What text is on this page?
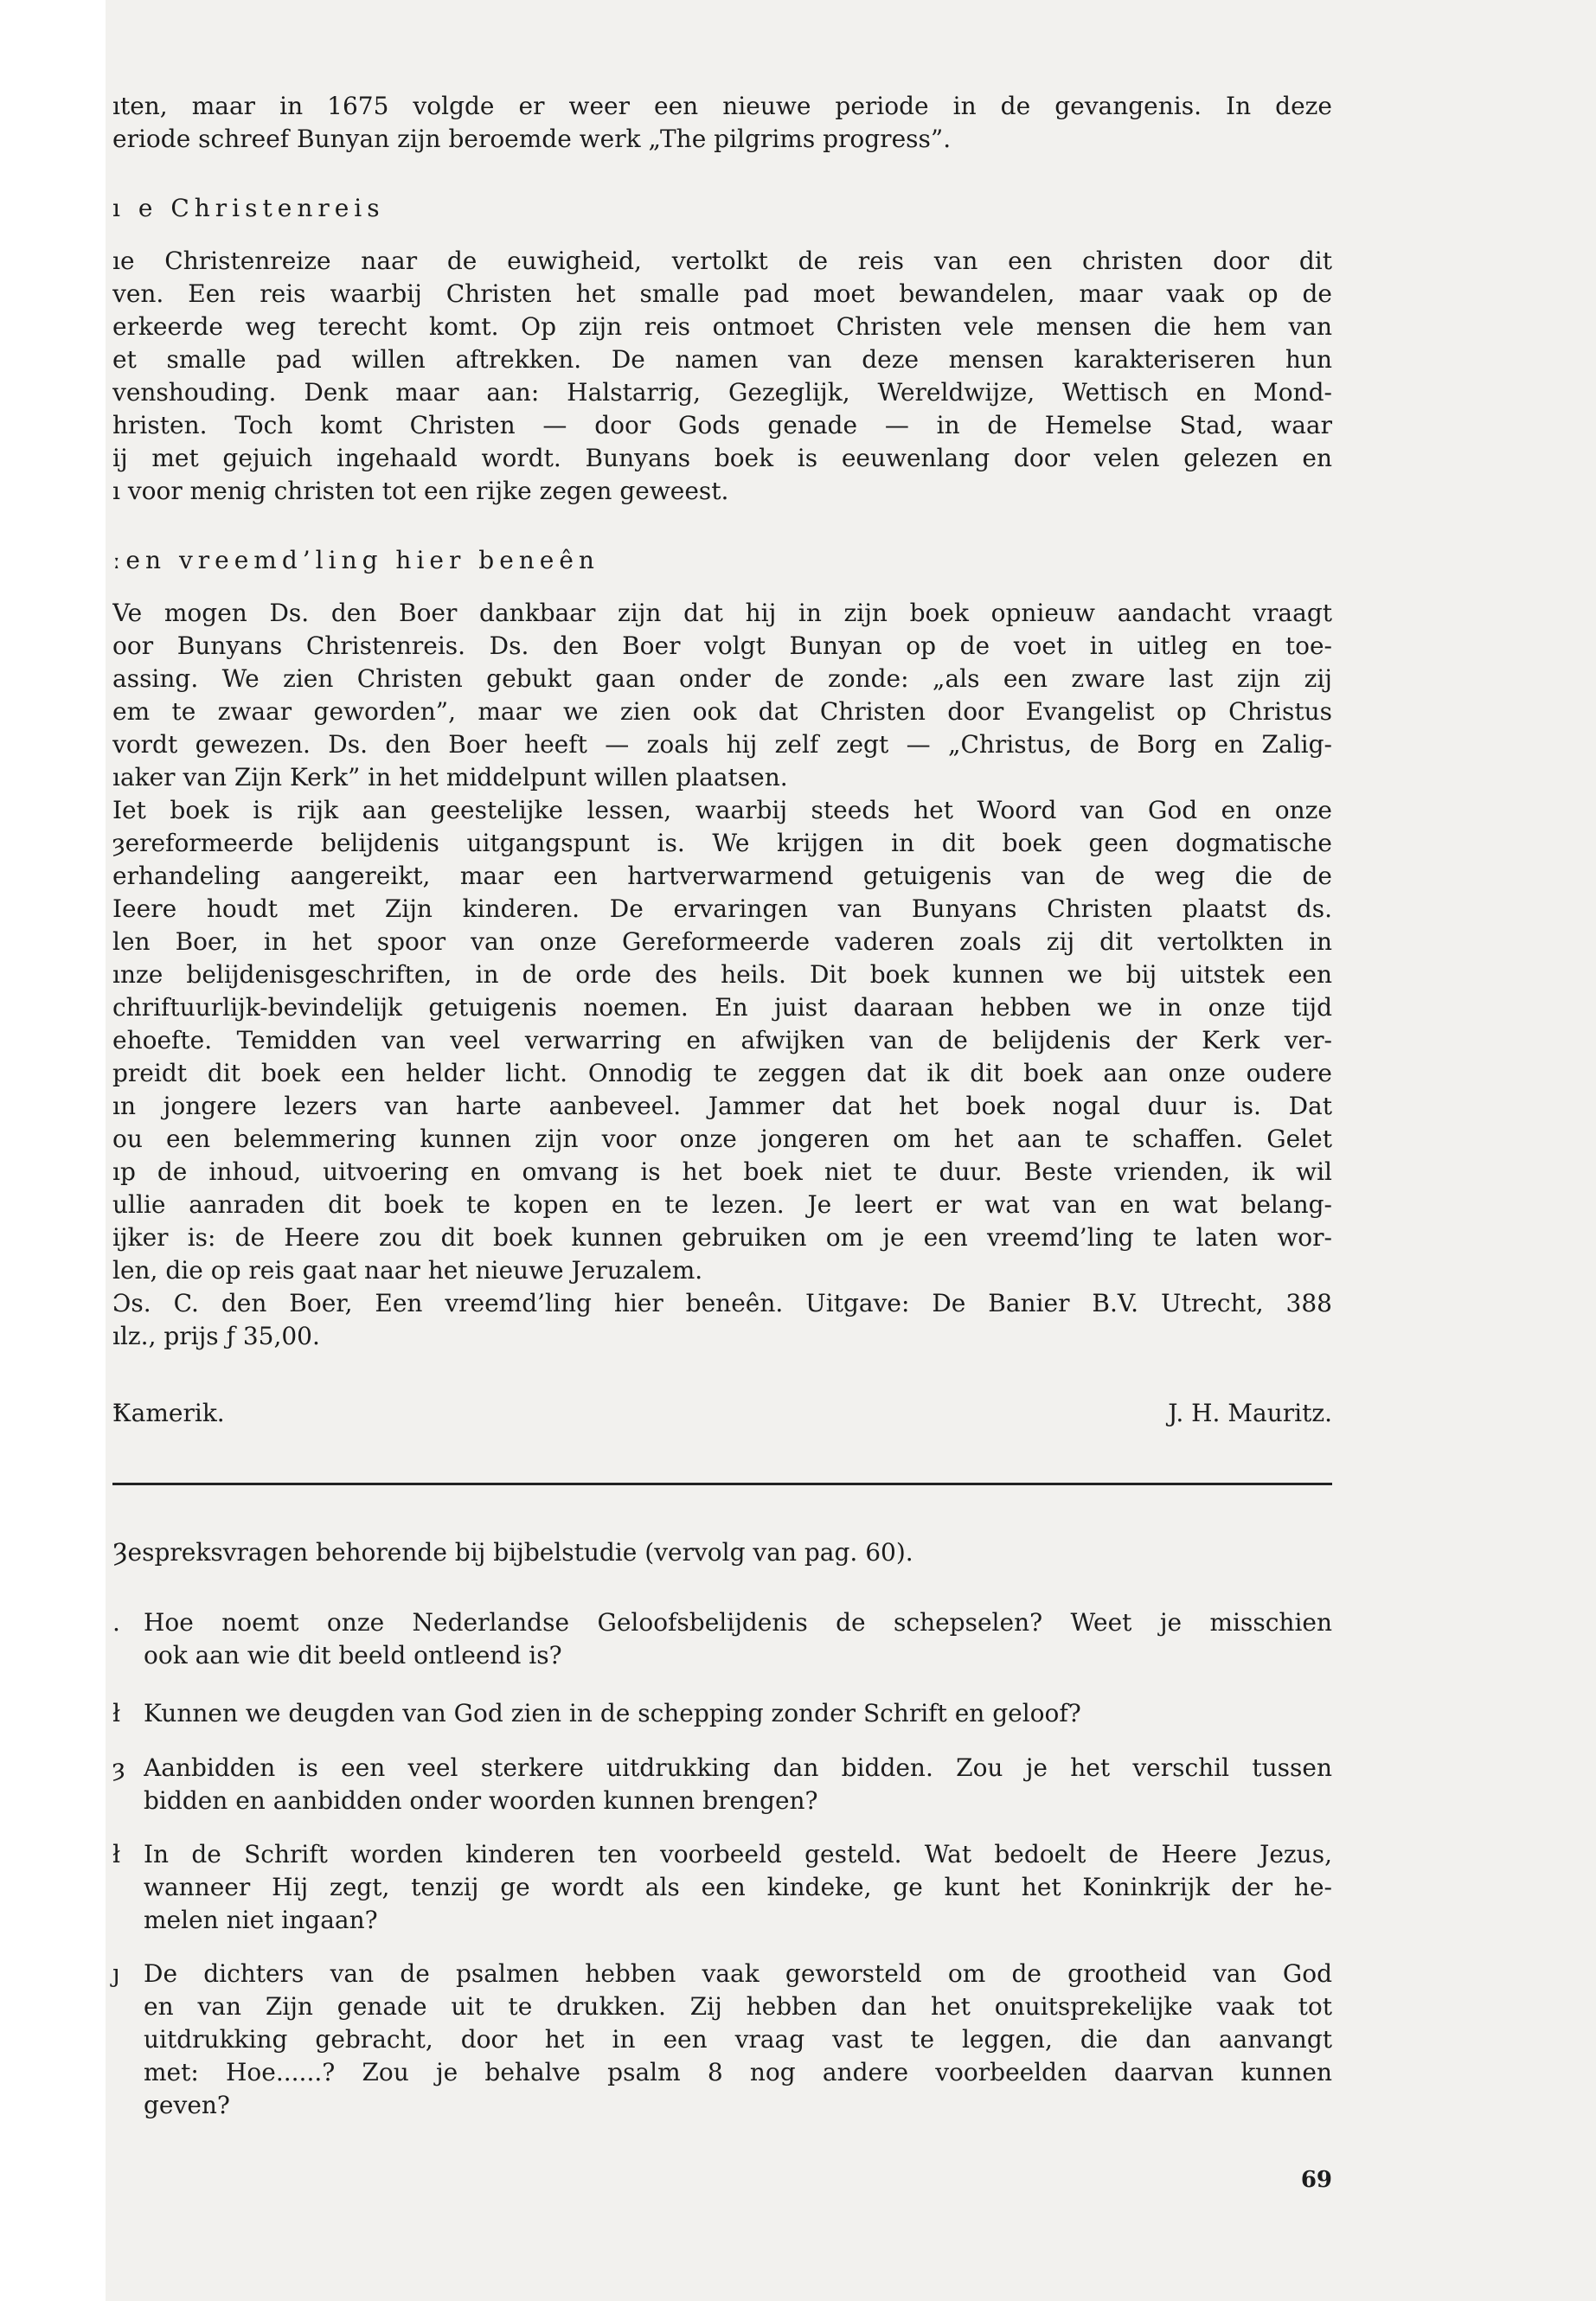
ıten, maar in 1675 volgde er weer een nieuwe periode in de gevangenis. In deze
eriode schreef Bunyan zijn beroemde werk „The pilgrims progress”.
ı e Christenreis
ıe Christenreize naar de euwigheid, vertolkt de reis van een christen door dit
ven. Een reis waarbij Christen het smalle pad moet bewandelen, maar vaak op de
erkeerde weg terecht komt. Op zijn reis ontmoet Christen vele mensen die hem van
et smalle pad willen aftrekken. De namen van deze mensen karakteriseren hun
venshouding. Denk maar aan: Halstarrig, Gezeglijk, Wereldwijze, Wettisch en Mond-
hristen. Toch komt Christen — door Gods genade — in de Hemelse Stad, waar
ij met gejuich ingehaald wordt. Bunyans boek is eeuwenlang door velen gelezen en
ı voor menig christen tot een rijke zegen geweest.
ːen vreemd’ling hier beneên
Ve mogen Ds. den Boer dankbaar zijn dat hij in zijn boek opnieuw aandacht vraagt
oor Bunyans Christenreis. Ds. den Boer volgt Bunyan op de voet in uitleg en toe-
assing. We zien Christen gebukt gaan onder de zonde: „als een zware last zijn zij
em te zwaar geworden”, maar we zien ook dat Christen door Evangelist op Christus
vordt gewezen. Ds. den Boer heeft — zoals hij zelf zegt — „Christus, de Borg en Zalig-
ıaker van Zijn Kerk” in het middelpunt willen plaatsen.
Iet boek is rijk aan geestelijke lessen, waarbij steeds het Woord van God en onze
ȝereformeerde belijdenis uitgangspunt is. We krijgen in dit boek geen dogmatische
erhandeling aangereikt, maar een hartverwarmend getuigenis van de weg die de
Ieere houdt met Zijn kinderen. De ervaringen van Bunyans Christen plaatst ds.
len Boer, in het spoor van onze Gereformeerde vaderen zoals zij dit vertolkten in
ınze belijdenisgeschriften, in de orde des heils. Dit boek kunnen we bij uitstek een
chriftuurlijk-bevindelijk getuigenis noemen. En juist daaraan hebben we in onze tijd
ehoefte. Temidden van veel verwarring en afwijken van de belijdenis der Kerk ver-
preidt dit boek een helder licht. Onnodig te zeggen dat ik dit boek aan onze oudere
ın jongere lezers van harte aanbeveel. Jammer dat het boek nogal duur is. Dat
ou een belemmering kunnen zijn voor onze jongeren om het aan te schaffen. Gelet
ıp de inhoud, uitvoering en omvang is het boek niet te duur. Beste vrienden, ik wil
ullie aanraden dit boek te kopen en te lezen. Je leert er wat van en wat belang-
ijker is: de Heere zou dit boek kunnen gebruiken om je een vreemd’ling te laten wor-
len, die op reis gaat naar het nieuwe Jeruzalem.
Ɔs. C. den Boer, Een vreemd’ling hier beneên. Uitgave: De Banier B.V. Utrecht, 388
ılz., prijs ƒ 35,00.
Ꝁamerik.	J. H. Mauritz.
Ȝespreksvragen behorende bij bijbelstudie (vervolg van pag. 60).
. Hoe noemt onze Nederlandse Geloofsbelijdenis de schepselen? Weet je misschien
ook aan wie dit beeld ontleend is?
ł Kunnen we deugden van God zien in de schepping zonder Schrift en geloof?
ȝ Aanbidden is een veel sterkere uitdrukking dan bidden. Zou je het verschil tussen
bidden en aanbidden onder woorden kunnen brengen?
ł In de Schrift worden kinderen ten voorbeeld gesteld. Wat bedoelt de Heere Jezus,
wanneer Hij zegt, tenzij ge wordt als een kindeke, ge kunt het Koninkrijk der he-
melen niet ingaan?
ȷ De dichters van de psalmen hebben vaak geworsteld om de grootheid van God
en van Zijn genade uit te drukken. Zij hebben dan het onuitsprekelijke vaak tot
uitdrukking gebracht, door het in een vraag vast te leggen, die dan aanvangt
met: Hoe......? Zou je behalve psalm 8 nog andere voorbeelden daarvan kunnen
geven?
69
